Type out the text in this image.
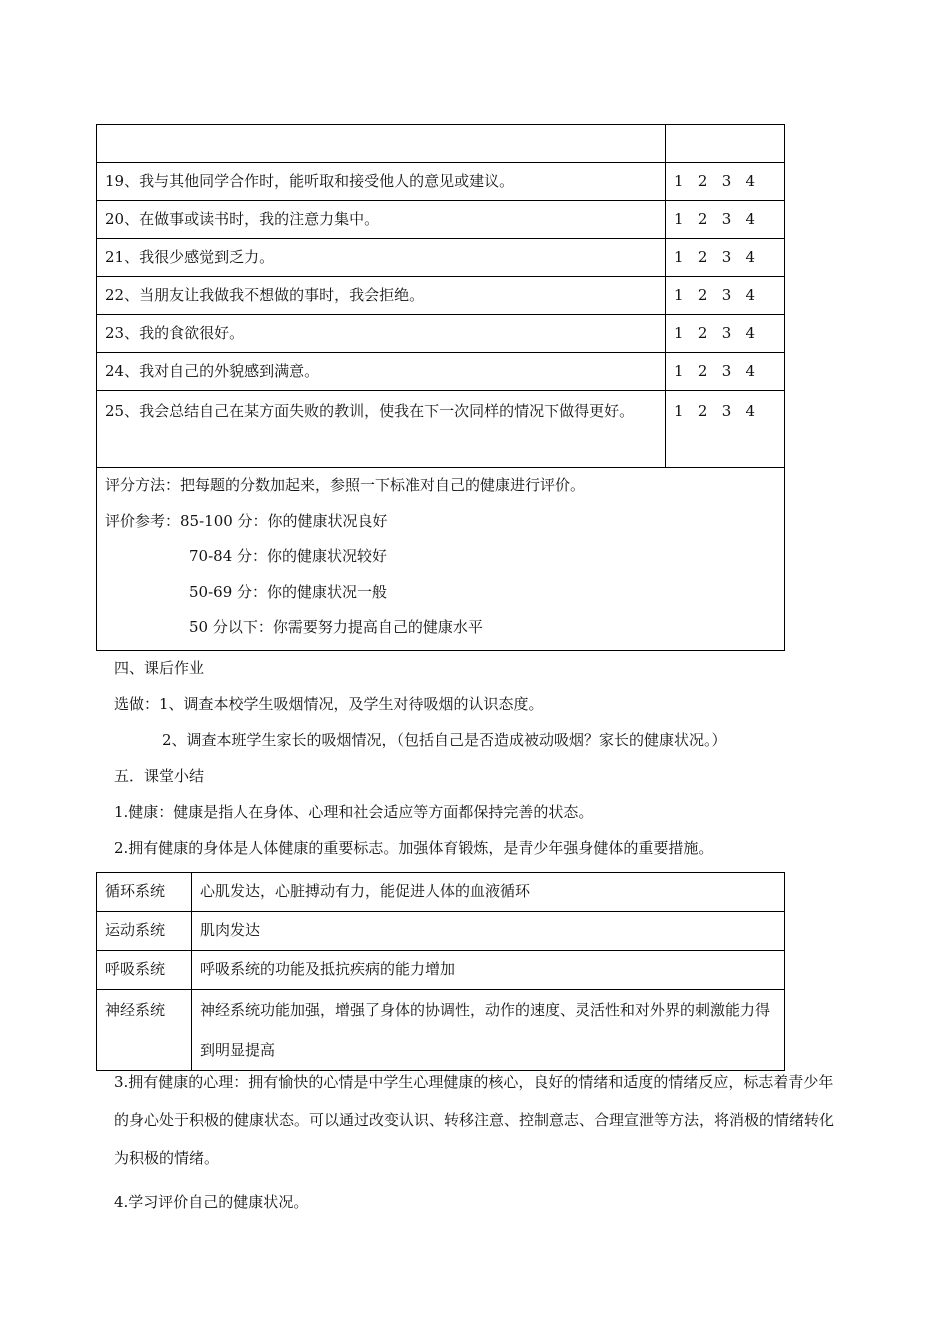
19、我与其他同学合作时，能听取和接受他人的意见或建议。	1   2   3   4
20、在做事或读书时，我的注意力集中。	1   2   3   4
21、我很少感觉到乏力。	1   2   3   4
22、当朋友让我做我不想做的事时，我会拒绝。	1   2   3   4
23、我的食欲很好。	1   2   3   4
24、我对自己的外貌感到满意。	1   2   3   4
25、我会总结自己在某方面失败的教训，使我在下一次同样的情况下做得更好。	1   2   3   4

评分方法：把每题的分数加起来，参照一下标准对自己的健康进行评价。
评价参考：85-100 分：你的健康状况良好
70-84 分：你的健康状况较好
50-69 分：你的健康状况一般
50 分以下：你需要努力提高自己的健康水平	
四、课后作业
选做：1、调查本校学生吸烟情况，及学生对待吸烟的认识态度。
2、调查本班学生家长的吸烟情况，（包括自己是否造成被动吸烟？家长的健康状况。）
五．课堂小结
1.健康：健康是指人在身体、心理和社会适应等方面都保持完善的状态。
2.拥有健康的身体是人体健康的重要标志。加强体育锻炼，是青少年强身健体的重要措施。
循环系统	心肌发达，心脏搏动有力，能促进人体的血液循环
运动系统	肌肉发达
呼吸系统	呼吸系统的功能及抵抗疾病的能力增加
神经系统	神经系统功能加强，增强了身体的协调性，动作的速度、灵活性和对外界的刺激能力得到明显提高
3.拥有健康的心理：拥有愉快的心情是中学生心理健康的核心，良好的情绪和适度的情绪反应，标志着青少年的身心处于积极的健康状态。可以通过改变认识、转移注意、控制意志、合理宣泄等方法，将消极的情绪转化为积极的情绪。
4.学习评价自己的健康状况。
